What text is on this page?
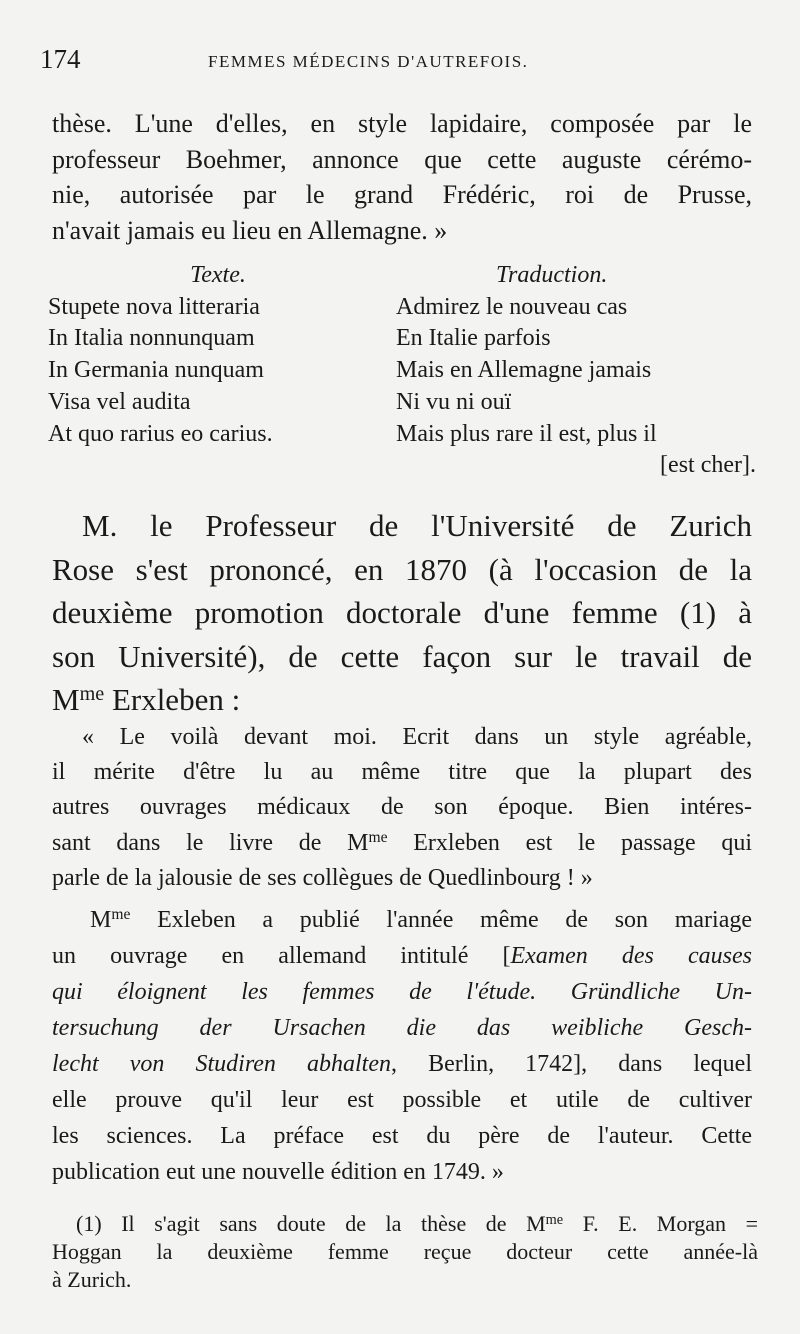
174	FEMMES MÉDECINS D'AUTREFOIS.
thèse. L'une d'elles, en style lapidaire, composée par le
professeur Boehmer, annonce que cette auguste cérémo-
nie, autorisée par le grand Frédéric, roi de Prusse,
n'avait jamais eu lieu en Allemagne. »
Texte.
Stupete nova litteraria
In Italia nonnunquam
In Germania nunquam
Visa vel audita
At quo rarius eo carius.
Traduction.
Admirez le nouveau cas
En Italie parfois
Mais en Allemagne jamais
Ni vu ni ouï
Mais plus rare il est, plus il
[est cher].
M. le Professeur de l'Université de Zurich
Rose s'est prononcé, en 1870 (à l'occasion de la
deuxième promotion doctorale d'une femme (1) à
son Université), de cette façon sur le travail de
$M^{me}$ Erxleben :
« Le voilà devant moi. Ecrit dans un style agréable,
il mérite d'être lu au même titre que la plupart des
autres ouvrages médicaux de son époque. Bien intéres-
sant dans le livre de $M^{me}$ Erxleben est le passage qui
parle de la jalousie de ses collègues de Quedlinbourg ! »
$M^{me}$ Exleben a publié l'année même de son mariage
un ouvrage en allemand intitulé [Examen des causes
qui éloignent les femmes de l'étude. Gründliche Un-
tersuchung der Ursachen die das weibliche Gesch-
lecht von Studiren abhalten, Berlin, 1742], dans lequel
elle prouve qu'il leur est possible et utile de cultiver
les sciences. La préface est du père de l'auteur. Cette
publication eut une nouvelle édition en 1749. »
(1) Il s'agit sans doute de la thèse de $M^{me}$ F. E. Morgan =
Hoggan la deuxième femme reçue docteur cette année-là
à Zurich.
